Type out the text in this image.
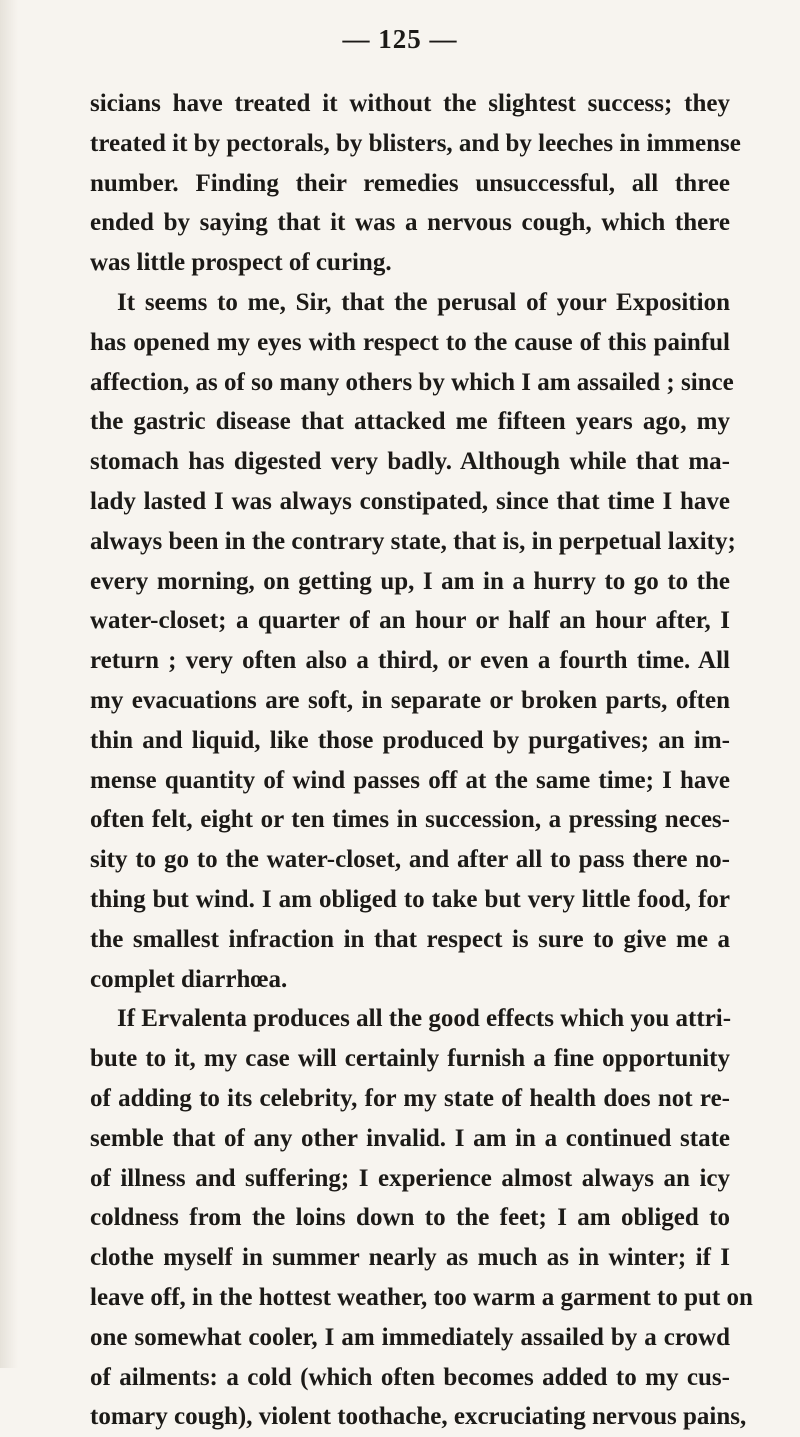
— 125 —
sicians have treated it without the slightest success; they
treated it by pectorals, by blisters, and by leeches in immense
number. Finding their remedies unsuccessful, all three
ended by saying that it was a nervous cough, which there
was little prospect of curing.
It seems to me, Sir, that the perusal of your Exposition
has opened my eyes with respect to the cause of this painful
affection, as of so many others by which I am assailed ; since
the gastric disease that attacked me fifteen years ago, my
stomach has digested very badly. Although while that ma-
lady lasted I was always constipated, since that time I have
always been in the contrary state, that is, in perpetual laxity;
every morning, on getting up, I am in a hurry to go to the
water-closet; a quarter of an hour or half an hour after, I
return ; very often also a third, or even a fourth time. All
my evacuations are soft, in separate or broken parts, often
thin and liquid, like those produced by purgatives; an im-
mense quantity of wind passes off at the same time; I have
often felt, eight or ten times in succession, a pressing neces-
sity to go to the water-closet, and after all to pass there no-
thing but wind. I am obliged to take but very little food, for
the smallest infraction in that respect is sure to give me a
complet diarrhœa.
If Ervalenta produces all the good effects which you attri-
bute to it, my case will certainly furnish a fine opportunity
of adding to its celebrity, for my state of health does not re-
semble that of any other invalid. I am in a continued state
of illness and suffering; I experience almost always an icy
coldness from the loins down to the feet; I am obliged to
clothe myself in summer nearly as much as in winter; if I
leave off, in the hottest weather, too warm a garment to put on
one somewhat cooler, I am immediately assailed by a crowd
of ailments: a cold (which often becomes added to my cus-
tomary cough), violent toothache, excruciating nervous pains,
